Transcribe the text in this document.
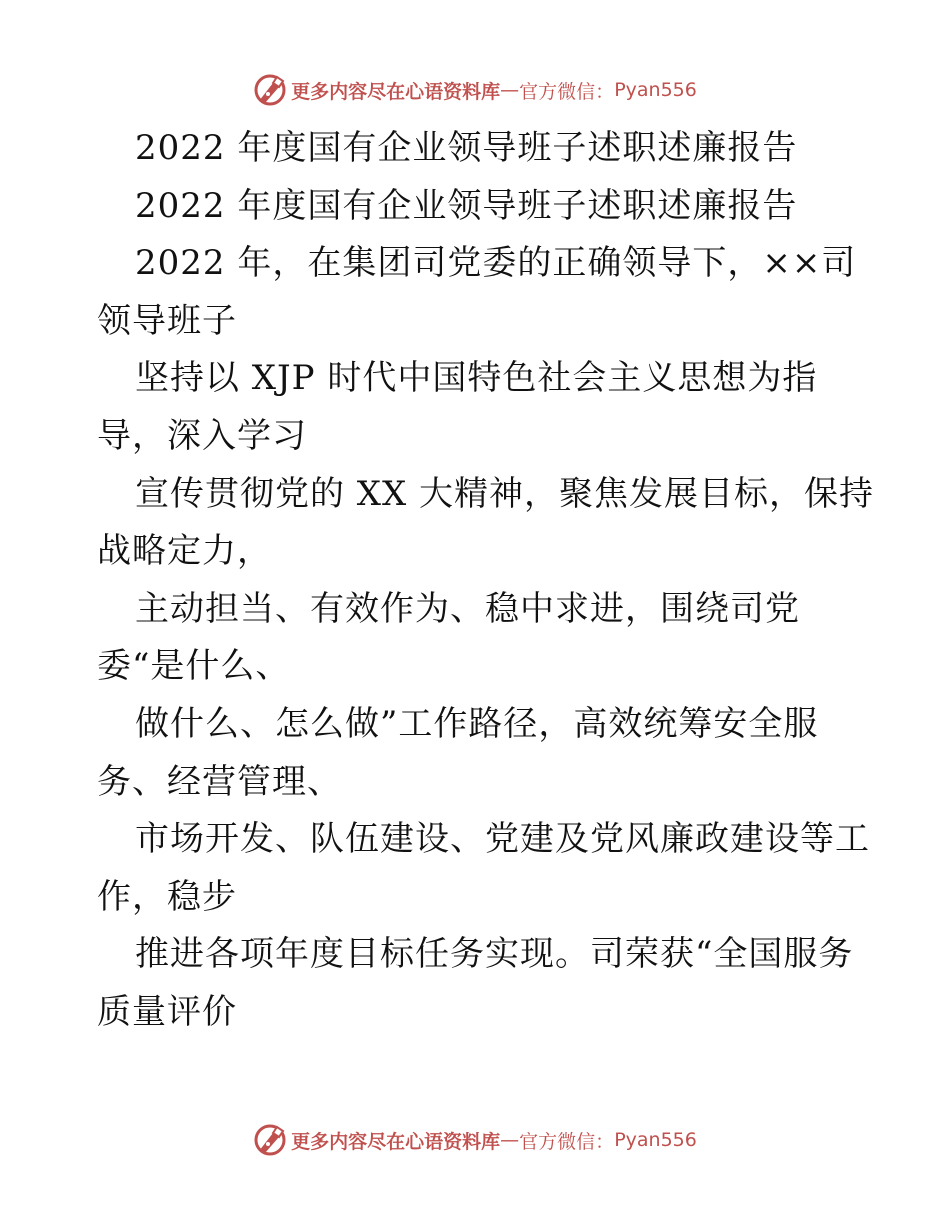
更多内容尽在心语资料库 — 官方微信： Pyan556
2022 年度国有企业领导班子述职述廉报告
2022 年度国有企业领导班子述职述廉报告
2022 年，在集团司党委的正确领导下，××司
领导班子
坚持以 XJP 时代中国特色社会主义思想为指
导，深入学习
宣传贯彻党的 XX 大精神，聚焦发展目标，保持
战略定力，
主动担当、有效作为、稳中求进，围绕司党
委“是什么、
做什么、怎么做”工作路径，高效统筹安全服
务、经营管理、
市场开发、队伍建设、党建及党风廉政建设等工
作，稳步
推进各项年度目标任务实现。司荣获“全国服务
质量评价
更多内容尽在心语资料库 — 官方微信： Pyan556
